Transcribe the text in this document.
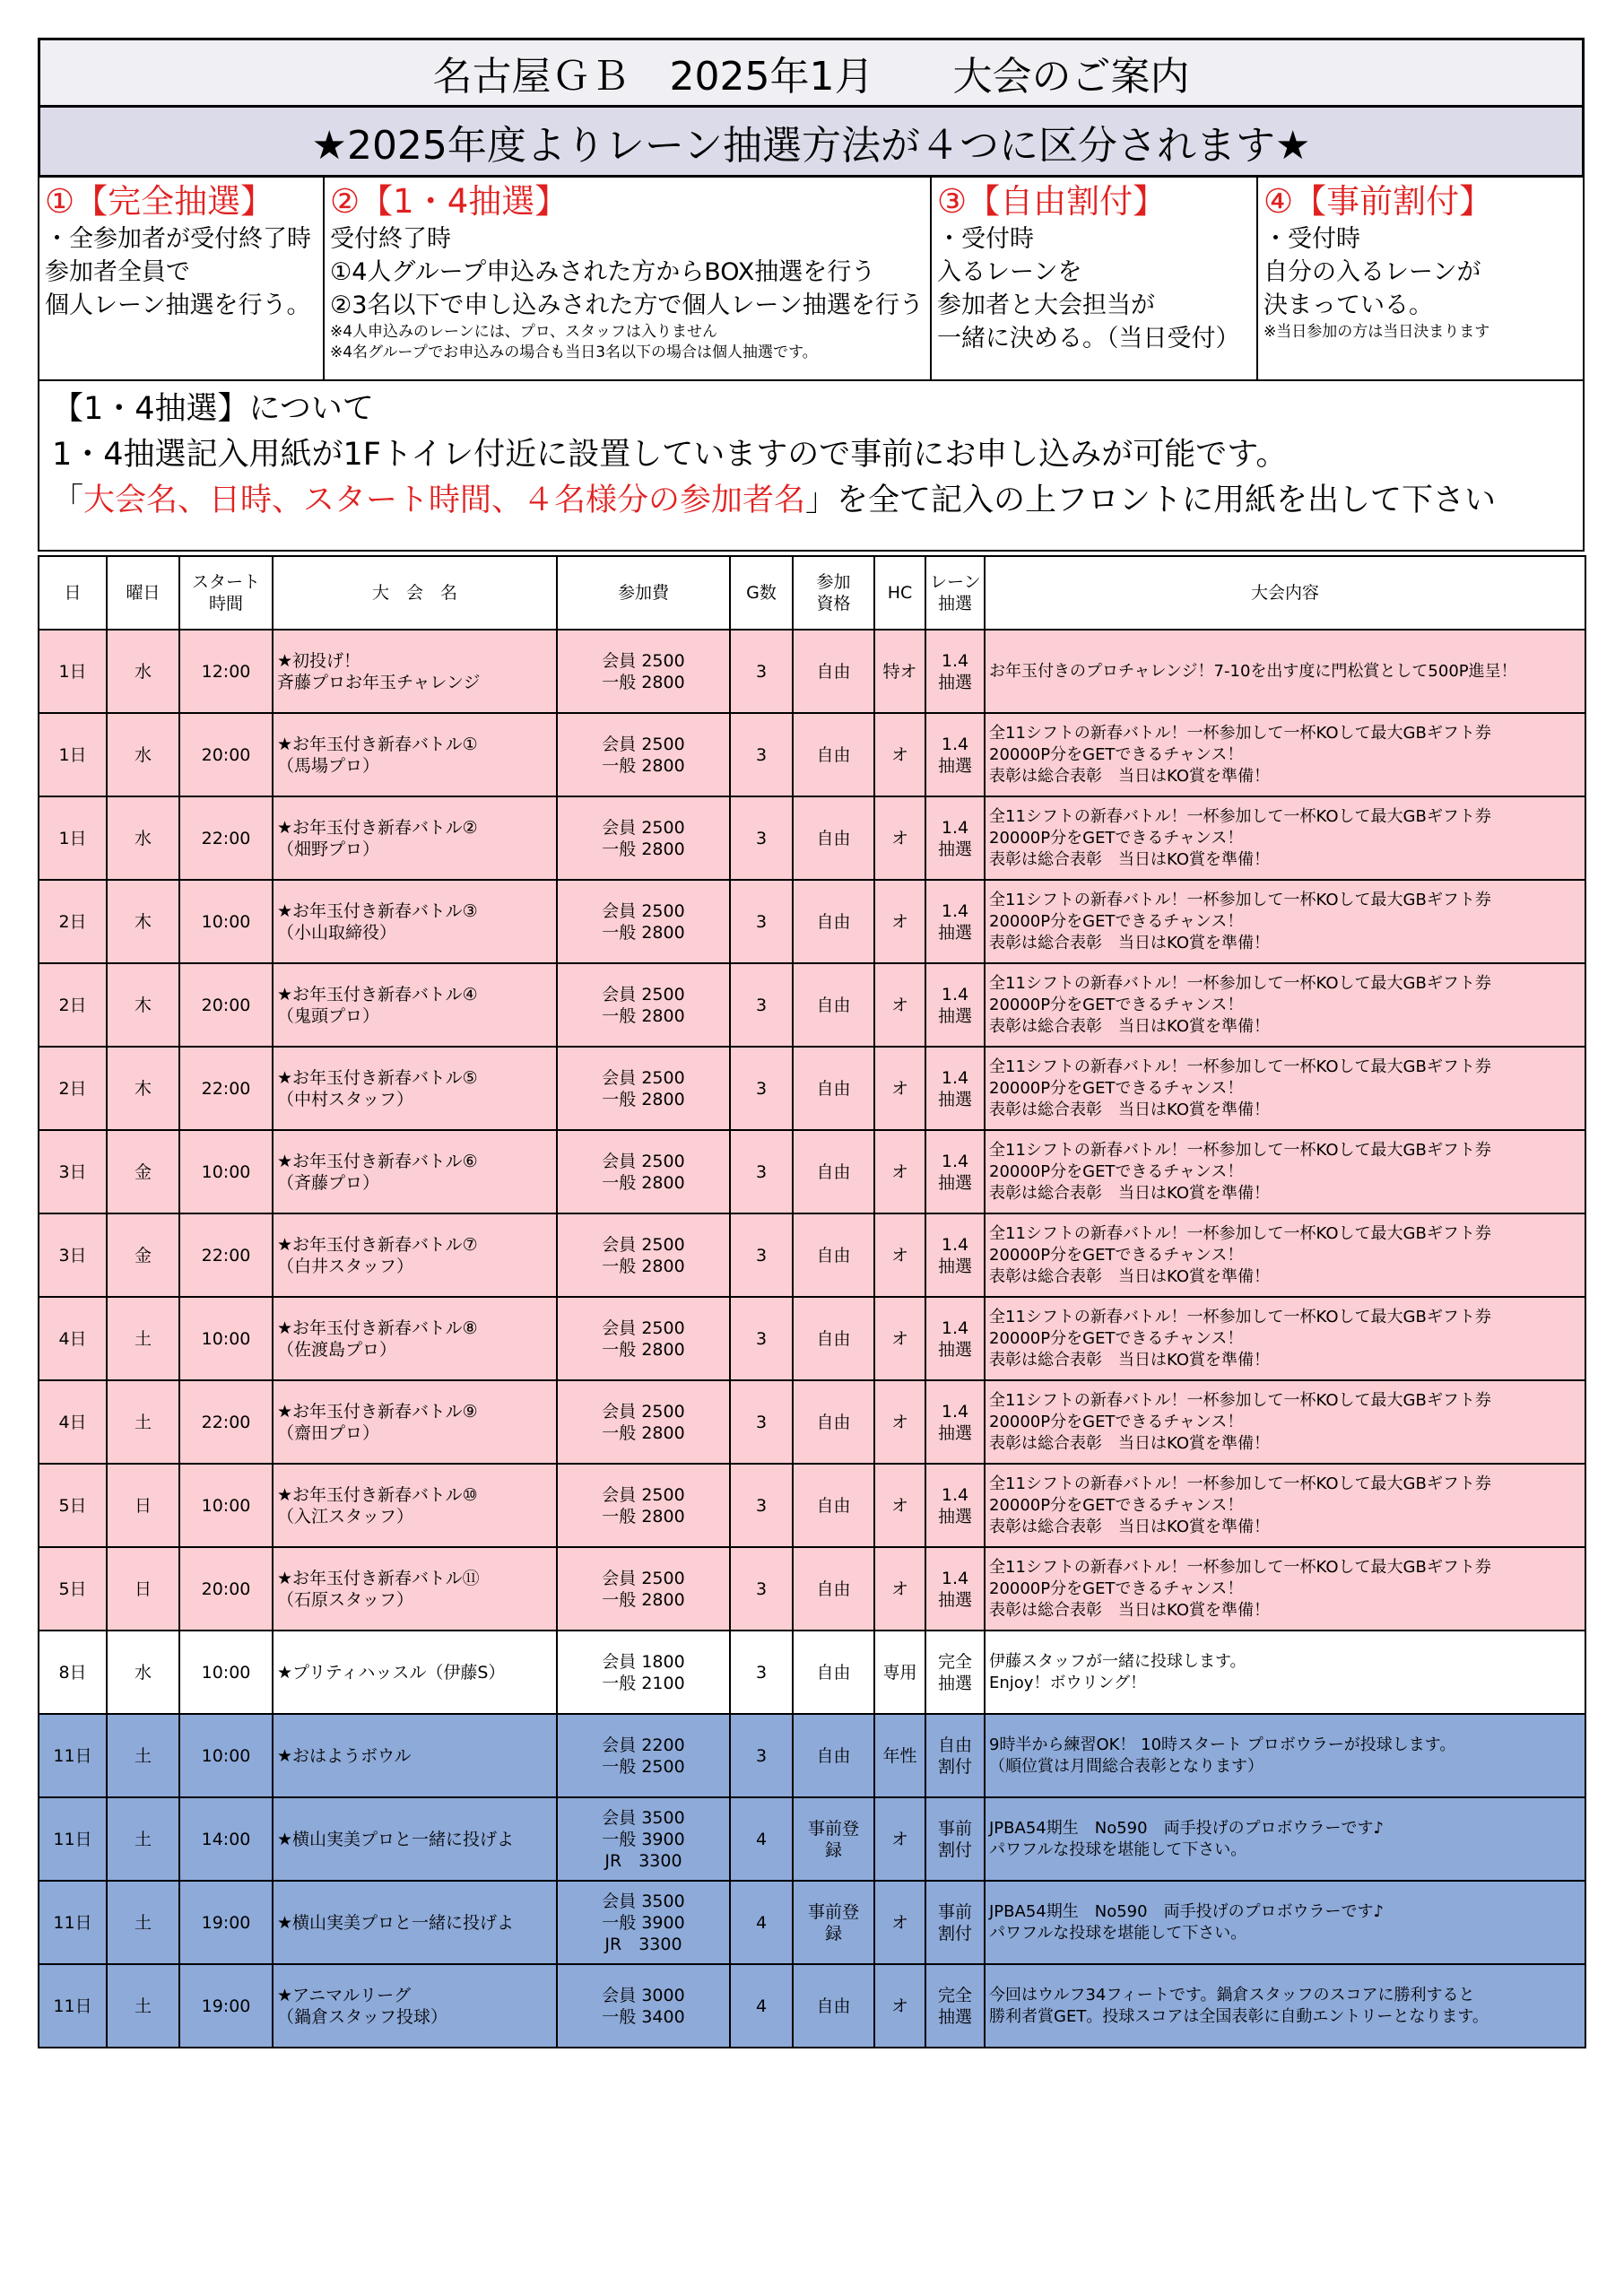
名古屋ＧＢ　2025年1月　　大会のご案内
★2025年度よりレーン抽選方法が４つに区分されます★
①【完全抽選】
・全参加者が受付終了時
参加者全員で
個人レーン抽選を行う。
②【1・4抽選】
受付終了時
①4人グループ申込みされた方からBOX抽選を行う
②3名以下で申し込みされた方で個人レーン抽選を行う
※4人申込みのレーンには、プロ、スタッフは入りません
※4名グループでお申込みの場合も当日3名以下の場合は個人抽選です。
③【自由割付】
・受付時
入るレーンを
参加者と大会担当が
一緒に決める。（当日受付）
④【事前割付】
・受付時
自分の入るレーンが
決まっている。
※当日参加の方は当日決まります
【1・4抽選】について
1・4抽選記入用紙が1Fトイレ付近に設置していますので事前にお申し込みが可能です。
「大会名、日時、スタート時間、４名様分の参加者名」を全て記入の上フロントに用紙を出して下さい
日	曜日	スタート
時間	大　会　名	参加費	G数	参加
資格	HC	レーン
抽選	大会内容
1日	水	12:00	★初投げ！
斉藤プロお年玉チャレンジ	会員 2500
一般 2800	3	自由	特オ	1.4
抽選	お年玉付きのプロチャレンジ！7-10を出す度に門松賞として500P進呈！

1日	水	20:00	★お年玉付き新春バトル①
（馬場プロ）	会員 2500
一般 2800	3	自由	オ	1.4
抽選	全11シフトの新春バトル！一杯参加して一杯KOして最大GBギフト券
20000P分をGETできるチャンス！
表彰は総合表彰　当日はKO賞を準備！

1日	水	22:00	★お年玉付き新春バトル②
（畑野プロ）	会員 2500
一般 2800	3	自由	オ	1.4
抽選	全11シフトの新春バトル！一杯参加して一杯KOして最大GBギフト券
20000P分をGETできるチャンス！
表彰は総合表彰　当日はKO賞を準備！

2日	木	10:00	★お年玉付き新春バトル③
（小山取締役）	会員 2500
一般 2800	3	自由	オ	1.4
抽選	全11シフトの新春バトル！一杯参加して一杯KOして最大GBギフト券
20000P分をGETできるチャンス！
表彰は総合表彰　当日はKO賞を準備！

2日	木	20:00	★お年玉付き新春バトル④
（鬼頭プロ）	会員 2500
一般 2800	3	自由	オ	1.4
抽選	全11シフトの新春バトル！一杯参加して一杯KOして最大GBギフト券
20000P分をGETできるチャンス！
表彰は総合表彰　当日はKO賞を準備！

2日	木	22:00	★お年玉付き新春バトル⑤
（中村スタッフ）	会員 2500
一般 2800	3	自由	オ	1.4
抽選	全11シフトの新春バトル！一杯参加して一杯KOして最大GBギフト券
20000P分をGETできるチャンス！
表彰は総合表彰　当日はKO賞を準備！

3日	金	10:00	★お年玉付き新春バトル⑥
（斉藤プロ）	会員 2500
一般 2800	3	自由	オ	1.4
抽選	全11シフトの新春バトル！一杯参加して一杯KOして最大GBギフト券
20000P分をGETできるチャンス！
表彰は総合表彰　当日はKO賞を準備！

3日	金	22:00	★お年玉付き新春バトル⑦
（白井スタッフ）	会員 2500
一般 2800	3	自由	オ	1.4
抽選	全11シフトの新春バトル！一杯参加して一杯KOして最大GBギフト券
20000P分をGETできるチャンス！
表彰は総合表彰　当日はKO賞を準備！

4日	土	10:00	★お年玉付き新春バトル⑧
（佐渡島プロ）	会員 2500
一般 2800	3	自由	オ	1.4
抽選	全11シフトの新春バトル！一杯参加して一杯KOして最大GBギフト券
20000P分をGETできるチャンス！
表彰は総合表彰　当日はKO賞を準備！

4日	土	22:00	★お年玉付き新春バトル⑨
（齋田プロ）	会員 2500
一般 2800	3	自由	オ	1.4
抽選	全11シフトの新春バトル！一杯参加して一杯KOして最大GBギフト券
20000P分をGETできるチャンス！
表彰は総合表彰　当日はKO賞を準備！

5日	日	10:00	★お年玉付き新春バトル⑩
（入江スタッフ）	会員 2500
一般 2800	3	自由	オ	1.4
抽選	全11シフトの新春バトル！一杯参加して一杯KOして最大GBギフト券
20000P分をGETできるチャンス！
表彰は総合表彰　当日はKO賞を準備！

5日	日	20:00	★お年玉付き新春バトル⑪
（石原スタッフ）	会員 2500
一般 2800	3	自由	オ	1.4
抽選	全11シフトの新春バトル！一杯参加して一杯KOして最大GBギフト券
20000P分をGETできるチャンス！
表彰は総合表彰　当日はKO賞を準備！

8日	水	10:00	★プリティハッスル（伊藤S）	会員 1800
一般 2100	3	自由	専用	完全
抽選	伊藤スタッフが一緒に投球します。
Enjoy！ボウリング！

11日	土	10:00	★おはようボウル	会員 2200
一般 2500	3	自由	年性	自由
割付	9時半から練習OK！ 10時スタート プロボウラーが投球します。
（順位賞は月間総合表彰となります）

11日	土	14:00	★横山実美プロと一緒に投げよ	会員 3500
一般 3900
JR　3300	4	事前登
録	オ	事前
割付	JPBA54期生　No590　両手投げのプロボウラーです♪
パワフルな投球を堪能して下さい。

11日	土	19:00	★横山実美プロと一緒に投げよ	会員 3500
一般 3900
JR　3300	4	事前登
録	オ	事前
割付	JPBA54期生　No590　両手投げのプロボウラーです♪
パワフルな投球を堪能して下さい。

11日	土	19:00	★アニマルリーグ
（鍋倉スタッフ投球）	会員 3000
一般 3400	4	自由	オ	完全
抽選	今回はウルフ34フィートです。鍋倉スタッフのスコアに勝利すると
勝利者賞GET。投球スコアは全国表彰に自動エントリーとなります。
